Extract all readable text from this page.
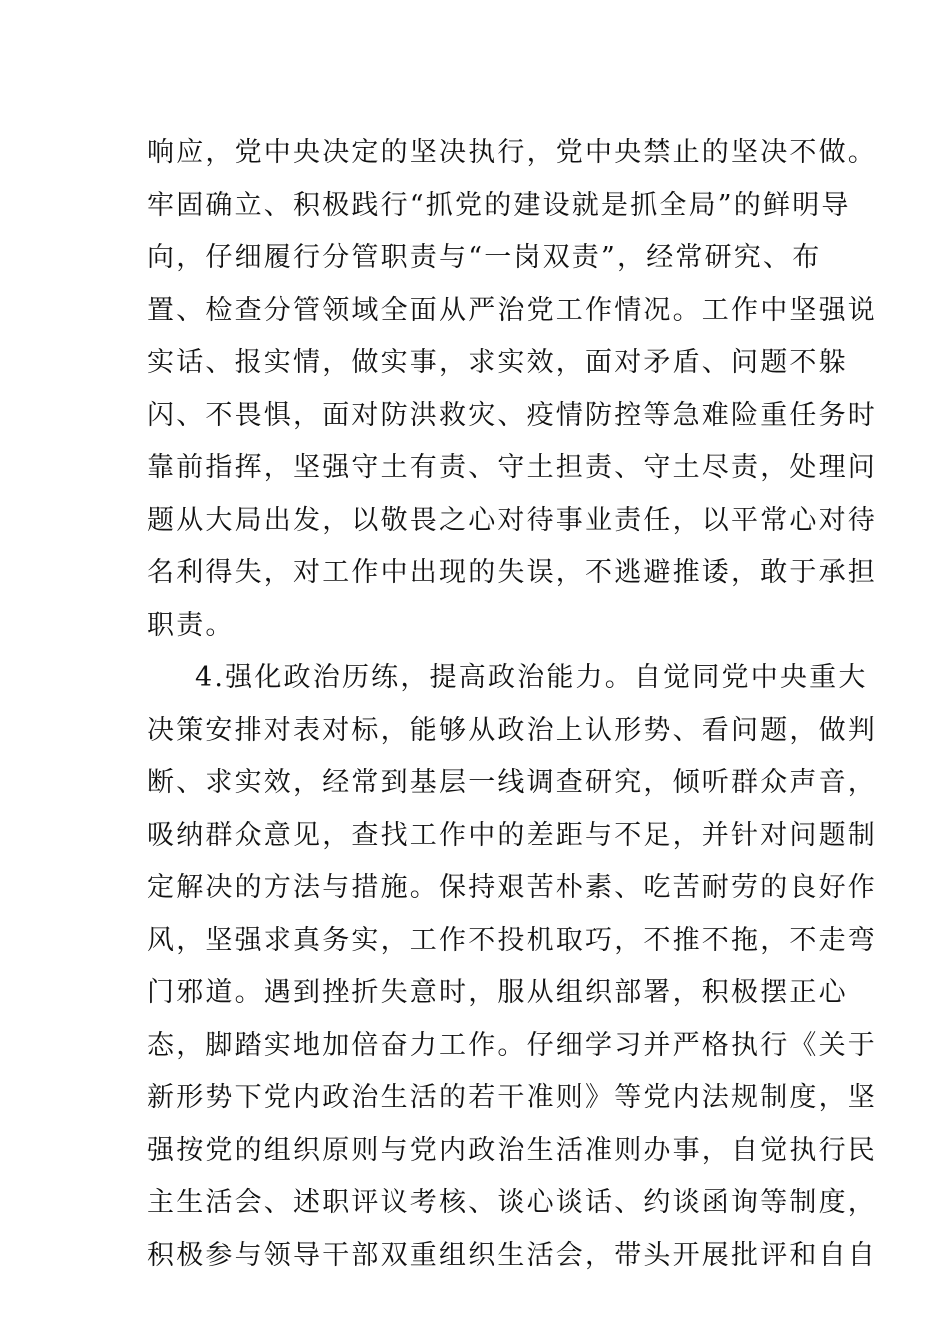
响应，党中央决定的坚决执行，党中央禁止的坚决不做。
牢固确立、积极践行“抓党的建设就是抓全局”的鲜明导
向，仔细履行分管职责与“一岗双责”，经常研究、布
置、检查分管领域全面从严治党工作情况。工作中坚强说
实话、报实情，做实事，求实效，面对矛盾、问题不躲
闪、不畏惧，面对防洪救灾、疫情防控等急难险重任务时
靠前指挥，坚强守土有责、守土担责、守土尽责，处理问
题从大局出发，以敬畏之心对待事业责任，以平常心对待
名利得失，对工作中出现的失误，不逃避推诿，敢于承担
职责。
4.强化政治历练，提高政治能力。自觉同党中央重大
决策安排对表对标，能够从政治上认形势、看问题，做判
断、求实效，经常到基层一线调查研究，倾听群众声音，
吸纳群众意见，查找工作中的差距与不足，并针对问题制
定解决的方法与措施。保持艰苦朴素、吃苦耐劳的良好作
风，坚强求真务实，工作不投机取巧，不推不拖，不走弯
门邪道。遇到挫折失意时，服从组织部署，积极摆正心
态，脚踏实地加倍奋力工作。仔细学习并严格执行《关于
新形势下党内政治生活的若干准则》等党内法规制度，坚
强按党的组织原则与党内政治生活准则办事，自觉执行民
主生活会、述职评议考核、谈心谈话、约谈函询等制度，
积极参与领导干部双重组织生活会，带头开展批评和自自
